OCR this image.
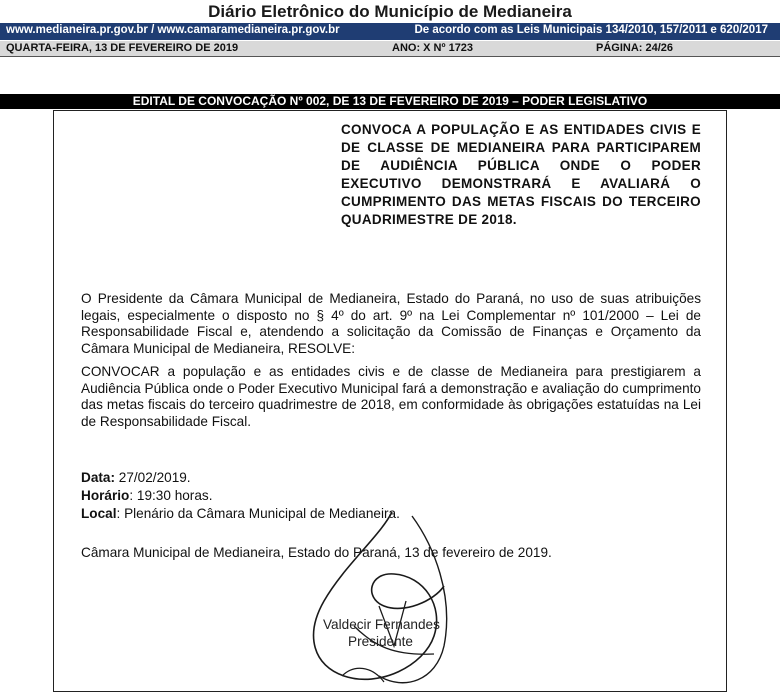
Diário Eletrônico do Município de Medianeira
www.medianeira.pr.gov.br / www.camaramedianeira.pr.gov.br	De acordo com as Leis Municipais 134/2010, 157/2011 e 620/2017
QUARTA-FEIRA, 13 DE FEVEREIRO DE 2019	ANO: X Nº 1723	PÁGINA: 24/26
EDITAL DE CONVOCAÇÃO Nº 002, DE 13 DE FEVEREIRO DE 2019 – PODER LEGISLATIVO
CONVOCA A POPULAÇÃO E AS ENTIDADES CIVIS E DE CLASSE DE MEDIANEIRA PARA PARTICIPAREM DE AUDIÊNCIA PÚBLICA ONDE O PODER EXECUTIVO DEMONSTRARÁ E AVALIARÁ O CUMPRIMENTO DAS METAS FISCAIS DO TERCEIRO QUADRIMESTRE DE 2018.
O Presidente da Câmara Municipal de Medianeira, Estado do Paraná, no uso de suas atribuições legais, especialmente o disposto no § 4º do art. 9º na Lei Complementar nº 101/2000 – Lei de Responsabilidade Fiscal e, atendendo a solicitação da Comissão de Finanças e Orçamento da Câmara Municipal de Medianeira, RESOLVE:
CONVOCAR a população e as entidades civis e de classe de Medianeira para prestigiarem a Audiência Pública onde o Poder Executivo Municipal fará a demonstração e avaliação do cumprimento das metas fiscais do terceiro quadrimestre de 2018, em conformidade às obrigações estatuídas na Lei de Responsabilidade Fiscal.
Data: 27/02/2019.
Horário: 19:30 horas.
Local: Plenário da Câmara Municipal de Medianeira.
Câmara Municipal de Medianeira, Estado do Paraná, 13 de fevereiro de 2019.
Valdecir Fernandes
Presidente
